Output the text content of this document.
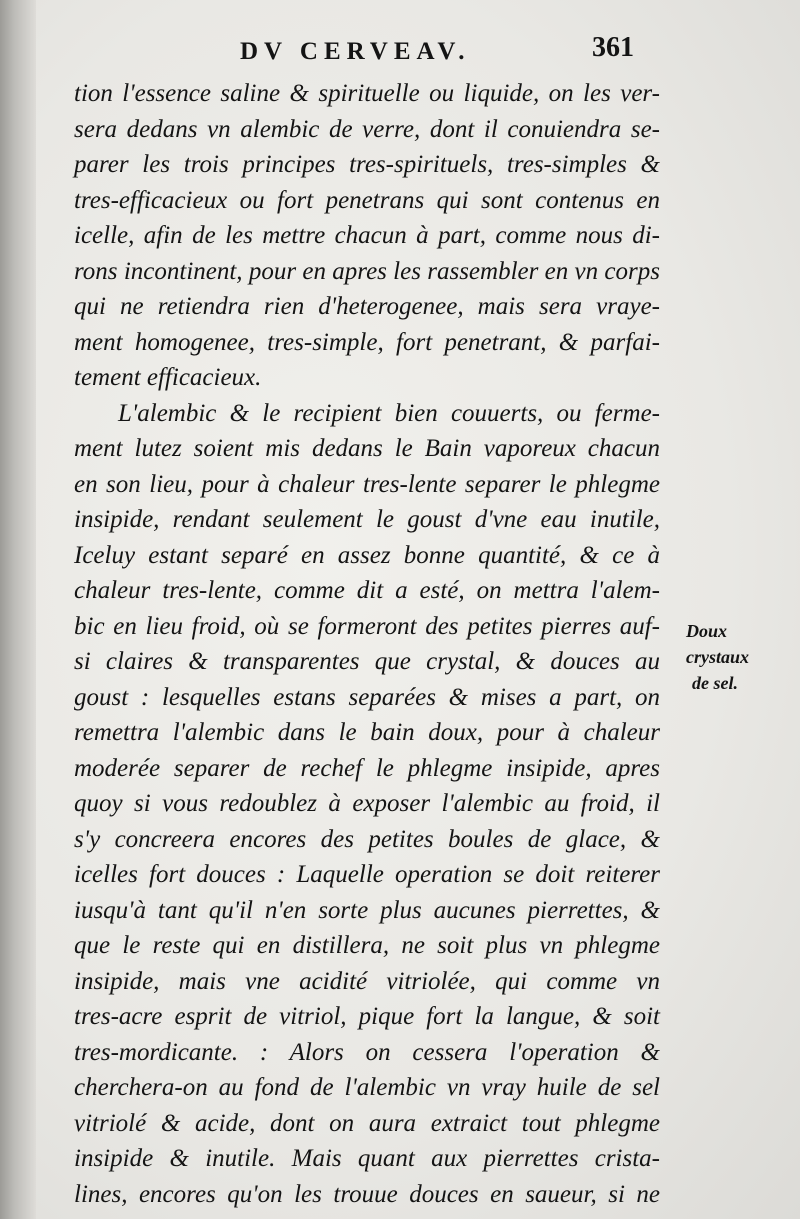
DV CERVEAV.	361
tion l'essence saline & spirituelle ou liquide, on les ver-
sera dedans vn alembic de verre, dont il conuiendra se-
parer les trois principes tres-spirituels, tres-simples &
tres-efficacieux ou fort penetrans qui sont contenus en
icelle, afin de les mettre chacun à part, comme nous di-
rons incontinent, pour en apres les rassembler en vn corps
qui ne retiendra rien d'heterogenee, mais sera vraye-
ment homogenee, tres-simple, fort penetrant, & parfai-
tement efficacieux.
L'alembic & le recipient bien couuerts, ou ferme-
ment lutez soient mis dedans le Bain vaporeux chacun
en son lieu, pour à chaleur tres-lente separer le phlegme
insipide, rendant seulement le goust d'vne eau inutile,
Iceluy estant separé en assez bonne quantité, & ce à
chaleur tres-lente, comme dit a esté, on mettra l'alem-
bic en lieu froid, où se formeront des petites pierres auf-
si claires & transparentes que crystal, & douces au
goust : lesquelles estans separées & mises a part, on
remettra l'alembic dans le bain doux, pour à chaleur
moderée separer de rechef le phlegme insipide, apres
quoy si vous redoublez à exposer l'alembic au froid, il
s'y concreera encores des petites boules de glace, &
icelles fort douces : Laquelle operation se doit reiterer
iusqu'à tant qu'il n'en sorte plus aucunes pierrettes, &
que le reste qui en distillera, ne soit plus vn phlegme
insipide, mais vne acidité vitriolée, qui comme vn
tres-acre esprit de vitriol, pique fort la langue, & soit
tres-mordicante. : Alors on cessera l'operation &
cherchera-on au fond de l'alembic vn vray huile de sel
vitriolé & acide, dont on aura extraict tout phlegme
insipide & inutile. Mais quant aux pierrettes crista-
lines, encores qu'on les trouue douces en saueur, si ne
Doux
crystaux
de sel.
